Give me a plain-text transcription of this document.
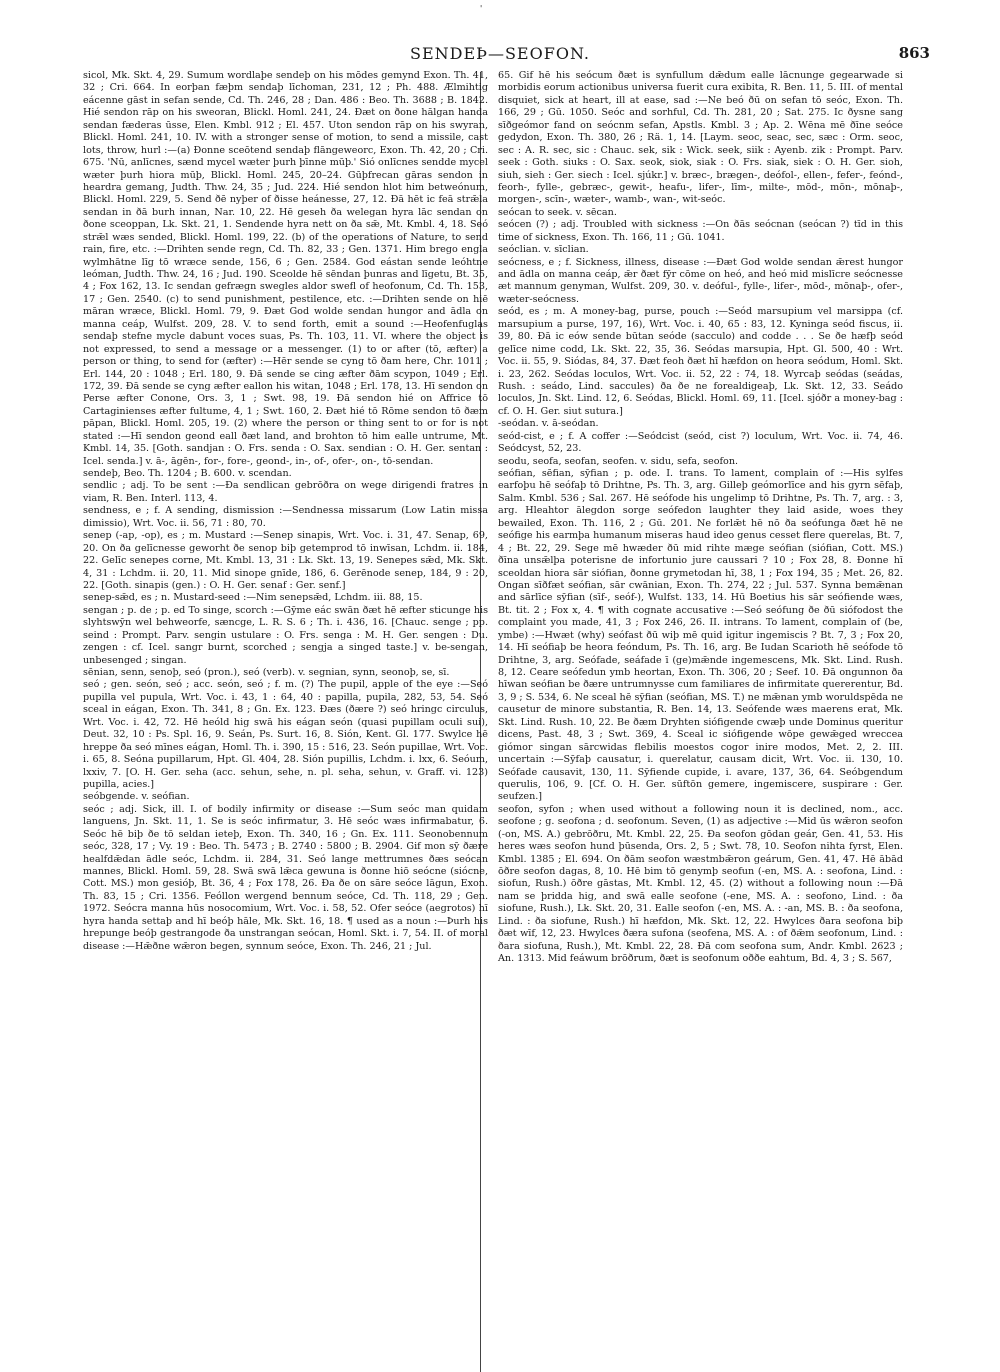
'
SENDEÞ—SEOFON.	863

sicol, Mk. Skt. 4, 29. Sumum wordlaþe sendeþ on his mōdes gemynd Exon. Th. 41, 32 ; Cri. 664. In eorþan fæþm sendaþ līchoman, 231, 12 ; Ph. 488. Ælmihtig eácenne gāst in sefan sende, Cd. Th. 246, 28 ; Dan. 486 : Beo. Th. 3688 ; B. 1842. Hié sendon rāp on his sweoran, Blickl. Homl. 241, 24. Ðæt on ðone hālgan handa sendan fæderas ūsse, Elen. Kmbl. 912 ; El. 457. Uton sendon rāp on his swyran, Blickl. Homl. 241, 10. IV. with a stronger sense of motion, to send a missile, cast lots, throw, hurl :—(a) Ðonne sceōtend sendaþ flāngeweorc, Exon. Th. 42, 20 ; Cri. 675. 'Nū, anlīcnes, sænd mycel wæter þurh þīnne mūþ.' Sió onlīcnes sendde mycel wæter þurh hiora mūþ, Blickl. Homl. 245, 20–24. Gūþfrecan gāras sendon in heardra gemang, Judth. Thw. 24, 35 ; Jud. 224. Hié sendon hlot him betweónum, Blickl. Homl. 229, 5. Send ðē nyþer of ðisse heánesse, 27, 12. Ðā hēt ic feā strǣla sendan in ðā burh innan, Nar. 10, 22. Hē geseh ða welegan hyra lāc sendan on ðone sceoppan, Lk. Skt. 21, 1. Sendende hyra nett on ða sǣ, Mt. Kmbl. 4, 18. Seó strǣl wæs sended, Blickl. Homl. 199, 22. (b) of the operations of Nature, to send rain, fire, etc. :—Drihten sende regn, Cd. Th. 82, 33 ; Gen. 1371. Him brego engla wylmhātne līg tō wræce sende, 156, 6 ; Gen. 2584. God eástan sende leóhtne leóman, Judth. Thw. 24, 16 ; Jud. 190. Sceolde hē sēndan þunras and līgetu, Bt. 35, 4 ; Fox 162, 13. Ic sendan gefrægn swegles aldor swefl of heofonum, Cd. Th. 153, 17 ; Gen. 2540. (c) to send punishment, pestilence, etc. :—Drihten sende on hiē māran wræce, Blickl. Homl. 79, 9. Ðæt God wolde sendan hungor and ādla on manna ceáp, Wulfst. 209, 28. V. to send forth, emit a sound :—Heofenfuglas sendaþ stefne mycle dabunt voces suas, Ps. Th. 103, 11. VI. where the object is not expressed, to send a message or a messenger. (1) to or after (tō, æfter) a person or thing, to send for (æfter) :—Hēr sende se cyng tō ðam here, Chr. 1011 ; Erl. 144, 20 : 1048 ; Erl. 180, 9. Ðā sende se cing æfter ðām scypon, 1049 ; Erl. 172, 39. Ðā sende se cyng æfter eallon his witan, 1048 ; Erl. 178, 13. Hī sendon on Perse æfter Conone, Ors. 3, 1 ; Swt. 98, 19. Ðā sendon hié on Affrice tō Cartaginienses æfter fultume, 4, 1 ; Swt. 160, 2. Ðæt hié tō Rōme sendon tō ðæm pāpan, Blickl. Homl. 205, 19. (2) where the person or thing sent to or for is not stated :—Hī sendon geond eall ðæt land, and brohton tō him ealle untrume, Mt. Kmbl. 14, 35. [Goth. sandjan : O. Frs. senda : O. Sax. sendian : O. H. Ger. sentan : Icel. senda.] v. ā-, āgēn-, for-, fore-, geond-, in-, of-, ofer-, on-, tō-sendan.

sendeþ, Beo. Th. 1204 ; B. 600. v. scendan.

sendlic ; adj. To be sent :—Ða sendlican gebrōðra on wege dirigendi fratres in viam, R. Ben. Interl. 113, 4.

sendness, e ; f. A sending, dismission :—Sendnessa missarum (Low Latin missa dimissio), Wrt. Voc. ii. 56, 71 : 80, 70.

senep (-ap, -op), es ; m. Mustard :—Senep sinapis, Wrt. Voc. i. 31, 47. Senap, 69, 20. On ða gelīcnesse geworht ðe senop biþ getemprod tō inwīsan, Lchdm. ii. 184, 22. Gelīc senepes corne, Mt. Kmbl. 13, 31 : Lk. Skt. 13, 19. Senepes sǣd, Mk. Skt. 4, 31 : Lchdm. ii. 20, 11. Mid sinope gnīde, 186, 6. Gerēnode senep, 184, 9 : 20, 22. [Goth. sinapis (gen.) : O. H. Ger. senaf : Ger. senf.]

senep-sǣd, es ; n. Mustard-seed :—Nim senepsǣd, Lchdm. iii. 88, 15.

sengan ; p. de ; p. ed To singe, scorch :—Gȳme eác swān ðæt hē æfter sticunge his slyhtswȳn wel behweorfe, sæncge, L. R. S. 6 ; Th. i. 436, 16. [Chauc. senge ; pp. seind : Prompt. Parv. sengin ustulare : O. Frs. senga : M. H. Ger. sengen : Du. zengen : cf. Icel. sangr burnt, scorched ; sengja a singed taste.] v. be-sengan, unbesenged ; singan.

sēnian, senn, senoþ, seó (pron.), seó (verb). v. segnian, synn, seonoþ, se, sī.

seó ; gen. seón, seó ; acc. seón, seó ; f. m. (?) The pupil, apple of the eye :—Seó pupilla vel pupula, Wrt. Voc. i. 43, 1 : 64, 40 : papilla, pupila, 282, 53, 54. Seó sceal in eágan, Exon. Th. 341, 8 ; Gn. Ex. 123. Ðæs (ðære ?) seó hringc circulus, Wrt. Voc. i. 42, 72. Hē heóld hig swā his eágan seón (quasi pupillam oculi sui), Deut. 32, 10 : Ps. Spl. 16, 9. Seán, Ps. Surt. 16, 8. Sión, Kent. Gl. 177. Swylce hē hreppe ða seó mīnes eágan, Homl. Th. i. 390, 15 : 516, 23. Seón pupillae, Wrt. Voc. i. 65, 8. Seóna pupillarum, Hpt. Gl. 404, 28. Sión pupillis, Lchdm. i. lxx, 6. Seóum, lxxiv, 7. [O. H. Ger. seha (acc. sehun, sehe, n. pl. seha, sehun, v. Graff. vi. 123) pupilla, acies.]

seóbgende. v. seófian.

seóc ; adj. Sick, ill. I. of bodily infirmity or disease :—Sum seóc man quidam languens, Jn. Skt. 11, 1. Se is seóc infirmatur, 3. Hē seóc wæs infirmabatur, 6. Seóc hē biþ ðe tō seldan ieteþ, Exon. Th. 340, 16 ; Gn. Ex. 111. Seonobennum seóc, 328, 17 ; Vy. 19 : Beo. Th. 5473 ; B. 2740 : 5800 ; B. 2904. Gif mon sȳ ðære healfdǣdan ādle seóc, Lchdm. ii. 284, 31. Seó lange mettrumnes ðæs seócan mannes, Blickl. Homl. 59, 28. Swā swā lǣca gewuna is ðonne hiō seócne (siócne, Cott. MS.) mon gesióþ, Bt. 36, 4 ; Fox 178, 26. Ða ðe on sāre seóce lāgun, Exon. Th. 83, 15 ; Cri. 1356. Feóllon wergend bennum seóce, Cd. Th. 118, 29 ; Gen. 1972. Seócra manna hūs nosocomium, Wrt. Voc. i. 58, 52. Ofer seóce (aegrotos) hī hyra handa settaþ and hī beóþ hāle, Mk. Skt. 16, 18. ¶ used as a noun :—Þurh his hrepunge beóþ gestrangode ða unstrangan seócan, Homl. Skt. i. 7, 54. II. of moral disease :—Hǣðne wǣron begen, synnum seóce, Exon. Th. 246, 21 ; Jul.

65. Gif hē his seócum ðæt is synfullum dǣdum ealle lācnunge gegearwade si morbidis eorum actionibus universa fuerit cura exibita, R. Ben. 11, 5. III. of mental disquiet, sick at heart, ill at ease, sad :—Ne beó ðū on sefan tō seóc, Exon. Th. 166, 29 ; Gū. 1050. Seóc and sorhful, Cd. Th. 281, 20 ; Sat. 275. Ic ðysne sang sīðgeómor fand on seócnm sefan, Apstls. Kmbl. 3 ; Ap. 2. Wēna mē ðīne seóce gedydon, Exon. Th. 380, 26 ; Rä. 1, 14. [Laym. seoc, seac, sec, sæc : Orm. seoc, sec : A. R. sec, sic : Chauc. sek, sik : Wick. seek, siik : Ayenb. zik : Prompt. Parv. seek : Goth. siuks : O. Sax. seok, siok, siak : O. Frs. siak, siek : O. H. Ger. sioh, siuh, sieh : Ger. siech : Icel. sjúkr.] v. bræc-, brægen-, deófol-, ellen-, fefer-, feónd-, feorh-, fylle-, gebræc-, gewit-, heafu-, lifer-, līm-, milte-, mōd-, mōn-, mōnaþ-, morgen-, scīn-, wæter-, wamb-, wan-, wit-seóc.

seócan to seek. v. sēcan.

seócen (?) ; adj. Troubled with sickness :—On ðās seócnan (seócan ?) tīd in this time of sickness, Exon. Th. 166, 11 ; Gū. 1041.

seóclian. v. sīclian.

seócness, e ; f. Sickness, illness, disease :—Ðæt God wolde sendan ǣrest hungor and ādla on manna ceáp, ǣr ðæt fȳr cōme on heó, and heó mid mislīcre seócnesse æt mannum genyman, Wulfst. 209, 30. v. deóful-, fylle-, lifer-, mōd-, mōnaþ-, ofer-, wæter-seócness.

seód, es ; m. A money-bag, purse, pouch :—Seód marsupium vel marsippa (cf. marsupium a purse, 197, 16), Wrt. Voc. i. 40, 65 : 83, 12. Kyninga seód fiscus, ii. 39, 80. Ðā ic eów sende būtan seóde (sacculo) and codde . . . Se ðe hæfþ seód gelīce nime codd, Lk. Skt. 22, 35, 36. Seódas marsupia, Hpt. Gl. 500, 40 : Wrt. Voc. ii. 55, 9. Siódas, 84, 37. Ðæt feoh ðæt hī hæfdon on heora seódum, Homl. Skt. i. 23, 262. Seódas loculos, Wrt. Voc. ii. 52, 22 : 74, 18. Wyrcaþ seódas (seádas, Rush. : seádo, Lind. saccules) ða ðe ne forealdigeaþ, Lk. Skt. 12, 33. Seádo loculos, Jn. Skt. Lind. 12, 6. Seódas, Blickl. Homl. 69, 11. [Icel. sjóðr a money-bag : cf. O. H. Ger. siut sutura.]

-seódan. v. ā-seódan.

seód-cist, e ; f. A coffer :—Seódcist (seód, cist ?) loculum, Wrt. Voc. ii. 74, 46. Seódcyst, 52, 23.

seodu, seofa, seofan, seofen. v. sidu, sefa, seofon.

seófian, sēfian, sȳfian ; p. ode. I. trans. To lament, complain of :—His sylfes earfoþu hē seófaþ tō Drihtne, Ps. Th. 3, arg. Gilleþ geómorlīce and his gyrn sēfaþ, Salm. Kmbl. 536 ; Sal. 267. Hē seófode his ungelimp tō Drihtne, Ps. Th. 7, arg. : 3, arg. Hleahtor ālegdon sorge seófedon laughter they laid aside, woes they bewailed, Exon. Th. 116, 2 ; Gū. 201. Ne forlǣt hē nō ða seófunga ðæt hē ne seófige his earmþa humanum miseras haud ideo genus cesset flere querelas, Bt. 7, 4 ; Bt. 22, 29. Sege mē hwæder ðū mid rihte mæge seófian (siófian, Cott. MS.) ðīna unsǣlþa poterisne de infortunio jure caussari ? 10 ; Fox 28, 8. Ðonne hī sceoldan hiora sār siófian, ðonne grymetodan hī, 38, 1 ; Fox 194, 35 ; Met. 26, 82. Ongan sīðfæt seófian, sār cwānian, Exon. Th. 274, 22 ; Jul. 537. Synna bemǣnan and sārlīce sȳfian (sīf-, seóf-), Wulfst. 133, 14. Hū Boetius his sār seófiende wæs, Bt. tit. 2 ; Fox x, 4. ¶ with cognate accusative :—Seó seófung ðe ðū siófodost the complaint you made, 41, 3 ; Fox 246, 26. II. intrans. To lament, complain of (be, ymbe) :—Hwæt (why) seófast ðū wiþ mē quid igitur ingemiscis ? Bt. 7, 3 ; Fox 20, 14. Hī seófiaþ be heora feóndum, Ps. Th. 16, arg. Be Iudan Scarioth hē seófode tō Drihtne, 3, arg. Seófade, seáfade ī (ge)mǣnde ingemescens, Mk. Skt. Lind. Rush. 8, 12. Ceare seófedun ymb heortan, Exon. Th. 306, 20 ; Seef. 10. Ðā ongunnon ða hīwan seófian be ðære untrumnysse cum familiares de infirmitate quererentur, Bd. 3, 9 ; S. 534, 6. Ne sceal hē sȳfian (seófian, MS. T.) ne mǣnan ymb woruldspēda ne causetur de minore substantia, R. Ben. 14, 13. Seófende wæs maerens erat, Mk. Skt. Lind. Rush. 10, 22. Be ðæm Dryhten siófigende cwæþ unde Dominus queritur dicens, Past. 48, 3 ; Swt. 369, 4. Sceal ic siófigende wōpe gewǣged wreccea giómor singan sārcwidas flebilis moestos cogor inire modos, Met. 2, 2. III. uncertain :—Sȳfaþ causatur, i. querelatur, causam dicit, Wrt. Voc. ii. 130, 10. Seófade causavit, 130, 11. Sȳfiende cupide, i. avare, 137, 36, 64. Seóbgendum querulis, 106, 9. [Cf. O. H. Ger. sūftōn gemere, ingemiscere, suspirare : Ger. seufzen.]

seofon, syfon ; when used without a following noun it is declined, nom., acc. seofone ; g. seofona ; d. seofonum. Seven, (1) as adjective :—Mid ūs wǣron seofon (-on, MS. A.) gebrōðru, Mt. Kmbl. 22, 25. Ða seofon gōdan geár, Gen. 41, 53. His heres wæs seofon hund þūsenda, Ors. 2, 5 ; Swt. 78, 10. Seofon nihta fyrst, Elen. Kmbl. 1385 ; El. 694. On ðām seofon wæstmbǣron geárum, Gen. 41, 47. Hē ābād ōðre seofon dagas, 8, 10. Hē bim tō genymþ seofun (-en, MS. A. : seofona, Lind. : siofun, Rush.) ōðre gāstas, Mt. Kmbl. 12, 45. (2) without a following noun :—Ðā nam se þridda hig, and swā ealle seofone (-ene, MS. A. : seofono, Lind. : ða siofune, Rush.), Lk. Skt. 20, 31. Ealle seofon (-en, MS. A. : -an, MS. B. : ða seofona, Lind. : ða siofune, Rush.) hī hæfdon, Mk. Skt. 12, 22. Hwylces ðara seofona biþ ðæt wīf, 12, 23. Hwylces ðæra sufona (seofena, MS. A. : of ðǣm seofonum, Lind. : ðara siofuna, Rush.), Mt. Kmbl. 22, 28. Ðā com seofona sum, Andr. Kmbl. 2623 ; An. 1313. Mid feáwum brōðrum, ðæt is seofonum oððe eahtum, Bd. 4, 3 ; S. 567,
